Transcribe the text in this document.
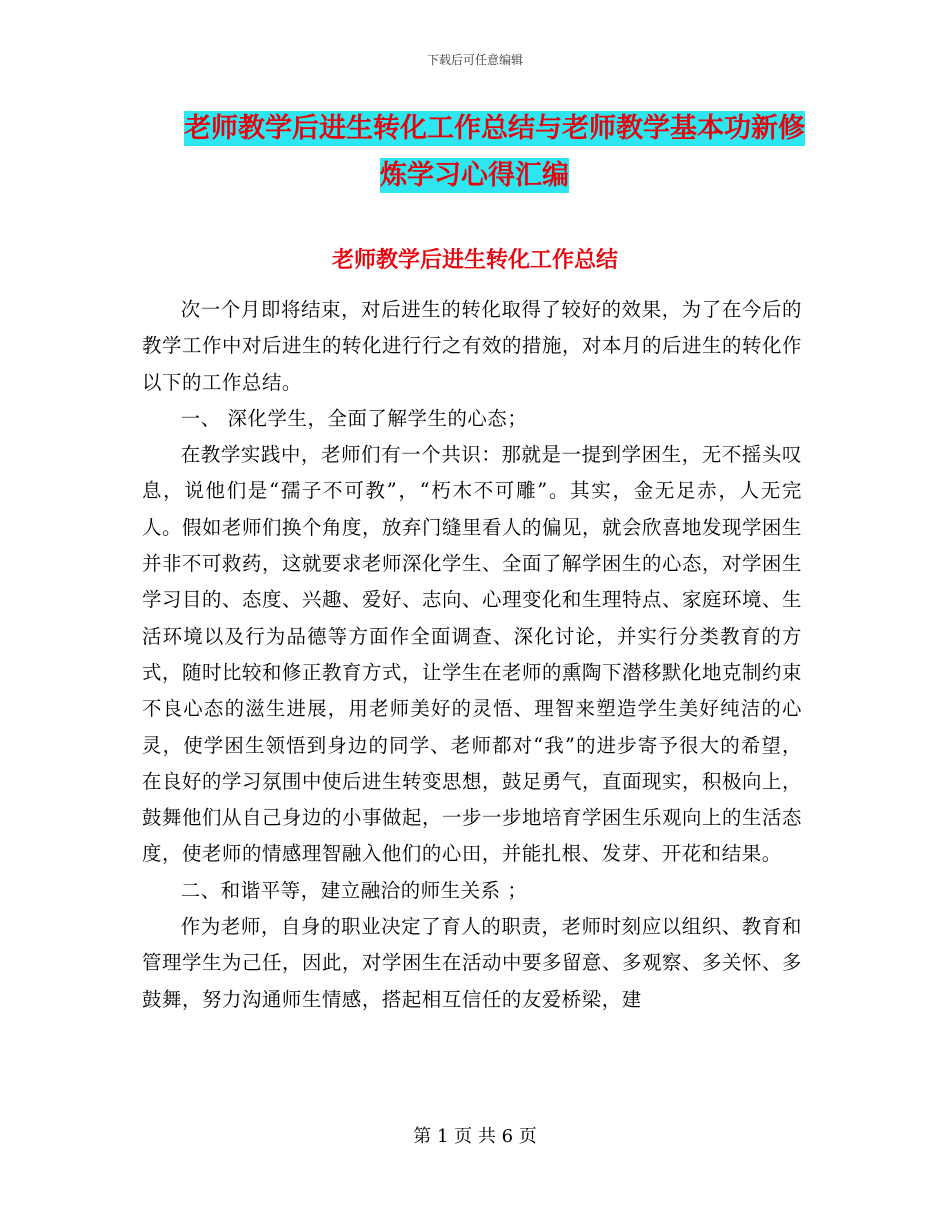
下载后可任意编辑
老师教学后进生转化工作总结与老师教学基本功新修
炼学习心得汇编
老师教学后进生转化工作总结

次一个月即将结束，对后进生的转化取得了较好的效果，为了在今后的教学工作中对后进生的转化进行行之有效的措施，对本月的后进生的转化作以下的工作总结。

一、 深化学生，全面了解学生的心态；

在教学实践中，老师们有一个共识：那就是一提到学困生，无不摇头叹息，说他们是“孺子不可教”，“朽木不可雕”。其实，金无足赤，人无完人。假如老师们换个角度，放弃门缝里看人的偏见，就会欣喜地发现学困生并非不可救药，这就要求老师深化学生、全面了解学困生的心态，对学困生学习目的、态度、兴趣、爱好、志向、心理变化和生理特点、家庭环境、生活环境以及行为品德等方面作全面调查、深化讨论，并实行分类教育的方式，随时比较和修正教育方式，让学生在老师的熏陶下潜移默化地克制约束不良心态的滋生进展，用老师美好的灵悟、理智来塑造学生美好纯洁的心灵，使学困生领悟到身边的同学、老师都对“我”的进步寄予很大的希望，在良好的学习氛围中使后进生转变思想，鼓足勇气，直面现实，积极向上，鼓舞他们从自己身边的小事做起，一步一步地培育学困生乐观向上的生活态度，使老师的情感理智融入他们的心田，并能扎根、发芽、开花和结果。

二、和谐平等，建立融洽的师生关系 ；

作为老师，自身的职业决定了育人的职责，老师时刻应以组织、教育和管理学生为己任，因此，对学困生在活动中要多留意、多观察、多关怀、多鼓舞，努力沟通师生情感，搭起相互信任的友爱桥梁，建

第 1 页 共 6 页
